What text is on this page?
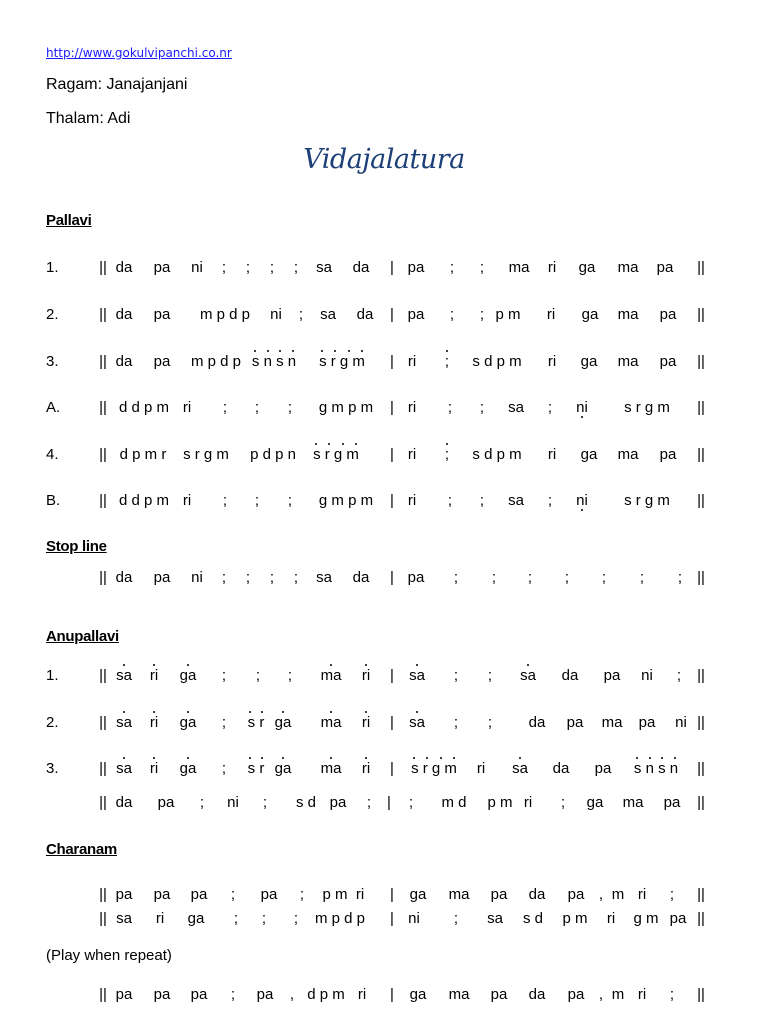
http://www.gokulvipanchi.co.nr
Ragam: Janajanjani
Thalam: Adi
Vidajalatura
Pallavi
1.	|| da pa ni ; ; ; ; sa da | pa ; ; ma ri ga ma pa ||
2.	|| da pa m p d p ni ; sa da | pa ; ; p m ri ga ma pa ||
3.	|| da pa m p d p s n s n s r g m | ri ; s d p m ri ga ma pa ||
A.	|| d d p m ri ; ; ; g m p m | ri ; ; sa ; ni s r g m ||
4.	|| d p m r s r g m p d p n s r g m | ri ; s d p m ri ga ma pa ||
B.	|| d d p m ri ; ; ; g m p m | ri ; ; sa ; ni s r g m ||
Stop line
|| da pa ni ; ; ; ; sa da | pa ; ; ; ; ; ; ; ||
Anupallavi
1.	|| sa ri ga ; ; ; ma ri | sa ; ; sa da pa ni ; ||
2.	|| sa ri ga ; s r ga ma ri | sa ; ; da pa ma pa ni ||
3.	|| sa ri ga ; s r ga ma ri | s r g m ri sa da pa s n s n ||
|| da pa ; ni ; s d pa ; | ; m d p m ri ; ga ma pa ||
Charanam
|| pa pa pa ; pa ; p m ri | ga ma pa da pa , m ri ; ||
|| sa ri ga ; ; ; m p d p | ni ; sa s d p m ri g m pa ||
(Play when repeat)
|| pa pa pa ; pa , d p m ri | ga ma pa da pa , m ri ; ||
